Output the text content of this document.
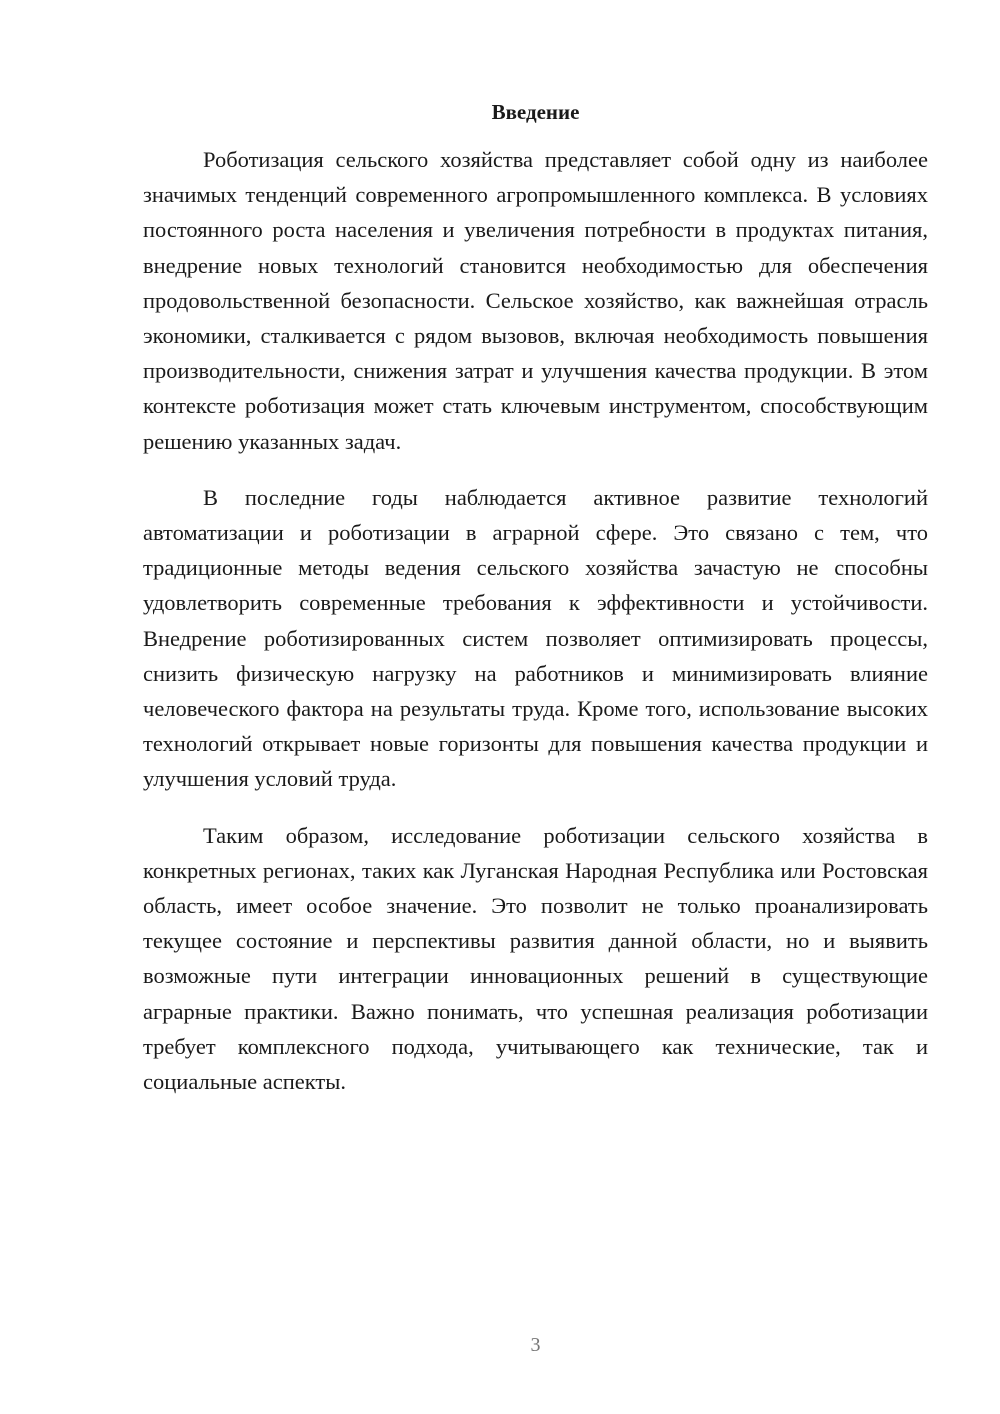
Введение

Роботизация сельского хозяйства представляет собой одну из наиболее значимых тенденций современного агропромышленного комплекса. В условиях постоянного роста населения и увеличения потребности в продуктах питания, внедрение новых технологий становится необходимостью для обеспечения продовольственной безопасности. Сельское хозяйство, как важнейшая отрасль экономики, сталкивается с рядом вызовов, включая необходимость повышения производительности, снижения затрат и улучшения качества продукции. В этом контексте роботизация может стать ключевым инструментом, способствующим решению указанных задач.

В последние годы наблюдается активное развитие технологий автоматизации и роботизации в аграрной сфере. Это связано с тем, что традиционные методы ведения сельского хозяйства зачастую не способны удовлетворить современные требования к эффективности и устойчивости. Внедрение роботизированных систем позволяет оптимизировать процессы, снизить физическую нагрузку на работников и минимизировать влияние человеческого фактора на результаты труда. Кроме того, использование высоких технологий открывает новые горизонты для повышения качества продукции и улучшения условий труда.

Таким образом, исследование роботизации сельского хозяйства в конкретных регионах, таких как Луганская Народная Республика или Ростовская область, имеет особое значение. Это позволит не только проанализировать текущее состояние и перспективы развития данной области, но и выявить возможные пути интеграции инновационных решений в существующие аграрные практики. Важно понимать, что успешная реализация роботизации требует комплексного подхода, учитывающего как технические, так и социальные аспекты.

3
